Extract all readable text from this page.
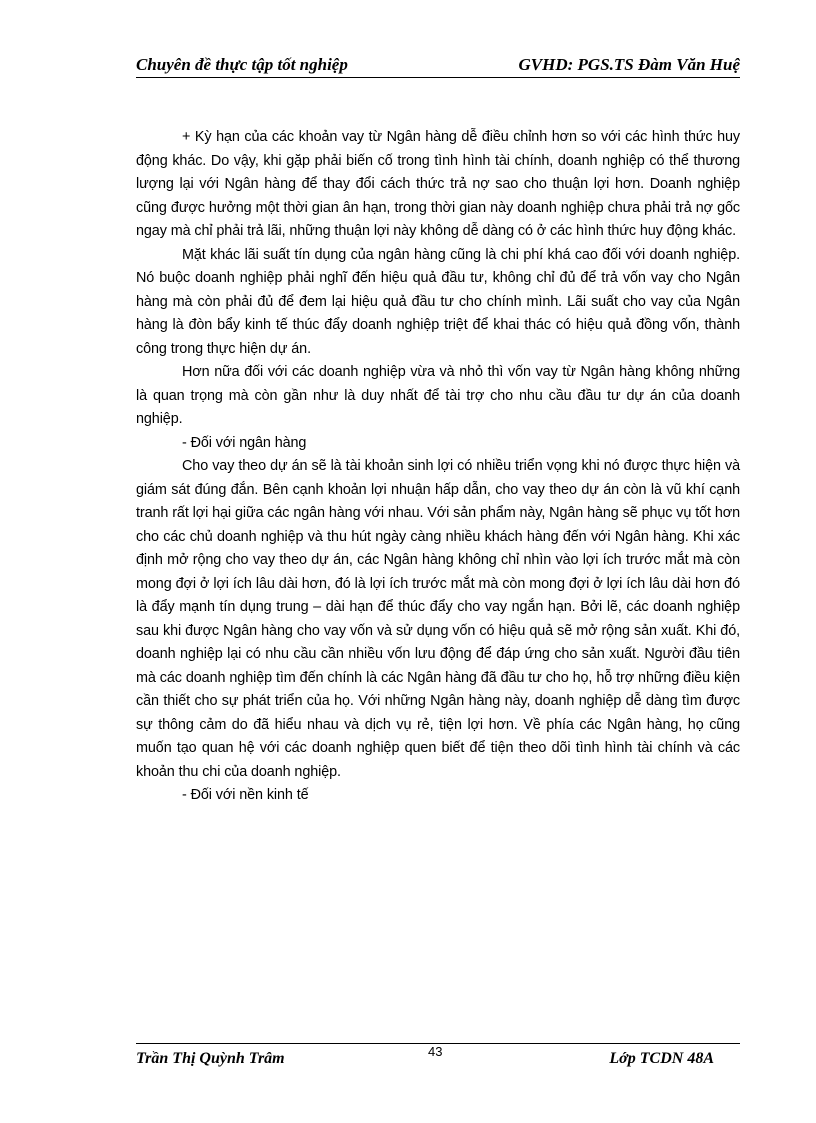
Chuyên đề thực tập tốt nghiệp	GVHD: PGS.TS Đàm Văn Huệ

+ Kỳ hạn của các khoản vay từ Ngân hàng dễ điều chỉnh hơn so với các hình thức huy động khác. Do vậy, khi gặp phải biến cố trong tình hình tài chính, doanh nghiệp có thể thương lượng lại với Ngân hàng để thay đổi cách thức trả nợ sao cho thuận lợi hơn. Doanh nghiệp cũng được hưởng một thời gian ân hạn, trong thời gian này doanh nghiệp chưa phải trả nợ gốc ngay mà chỉ phải trả lãi, những thuận lợi này không dễ dàng có ở các hình thức huy động khác.

Mặt khác lãi suất tín dụng của ngân hàng cũng là chi phí khá cao đối với doanh nghiệp. Nó buộc doanh nghiệp phải nghĩ đến hiệu quả đầu tư, không chỉ đủ để trả vốn vay cho Ngân hàng mà còn phải đủ để đem lại hiệu quả đầu tư cho chính mình. Lãi suất cho vay của Ngân hàng là đòn bẩy kinh tế thúc đẩy doanh nghiệp triệt để khai thác có hiệu quả đồng vốn, thành công trong thực hiện dự án.

Hơn nữa đối với các doanh nghiệp vừa và nhỏ thì vốn vay từ Ngân hàng không những là quan trọng mà còn gần như là duy nhất để tài trợ cho nhu cầu đầu tư dự án của doanh nghiệp.

- Đối với ngân hàng

Cho vay theo dự án sẽ là tài khoản sinh lợi có nhiều triển vọng khi nó được thực hiện và giám sát đúng đắn. Bên cạnh khoản lợi nhuận hấp dẫn, cho vay theo dự án còn là vũ khí cạnh tranh rất lợi hại giữa các ngân hàng với nhau. Với sản phẩm này, Ngân hàng sẽ phục vụ tốt hơn cho các chủ doanh nghiệp và thu hút ngày càng nhiều khách hàng đến với Ngân hàng. Khi xác định mở rộng cho vay theo dự án, các Ngân hàng không chỉ nhìn vào lợi ích trước mắt mà còn mong đợi ở lợi ích lâu dài hơn, đó là lợi ích trước mắt mà còn mong đợi ở lợi ích lâu dài hơn đó là đẩy mạnh tín dụng trung – dài hạn để thúc đẩy cho vay ngắn hạn. Bởi lẽ, các doanh nghiệp sau khi được Ngân hàng cho vay vốn và sử dụng vốn có hiệu quả sẽ mở rộng sản xuất. Khi đó, doanh nghiệp lại có nhu cầu cần nhiều vốn lưu động để đáp ứng cho sản xuất. Người đầu tiên mà các doanh nghiệp tìm đến chính là các Ngân hàng đã đầu tư cho họ, hỗ trợ những điều kiện cần thiết cho sự phát triển của họ. Với những Ngân hàng này, doanh nghiệp dễ dàng tìm được sự thông cảm do đã hiểu nhau và dịch vụ rẻ, tiện lợi hơn. Về phía các Ngân hàng, họ cũng muốn tạo quan hệ với các doanh nghiệp quen biết để tiện theo dõi tình hình tài chính và các khoản thu chi của doanh nghiệp.

- Đối với nền kinh tế

Trần Thị Quỳnh Trâm	43	Lớp TCDN 48A
